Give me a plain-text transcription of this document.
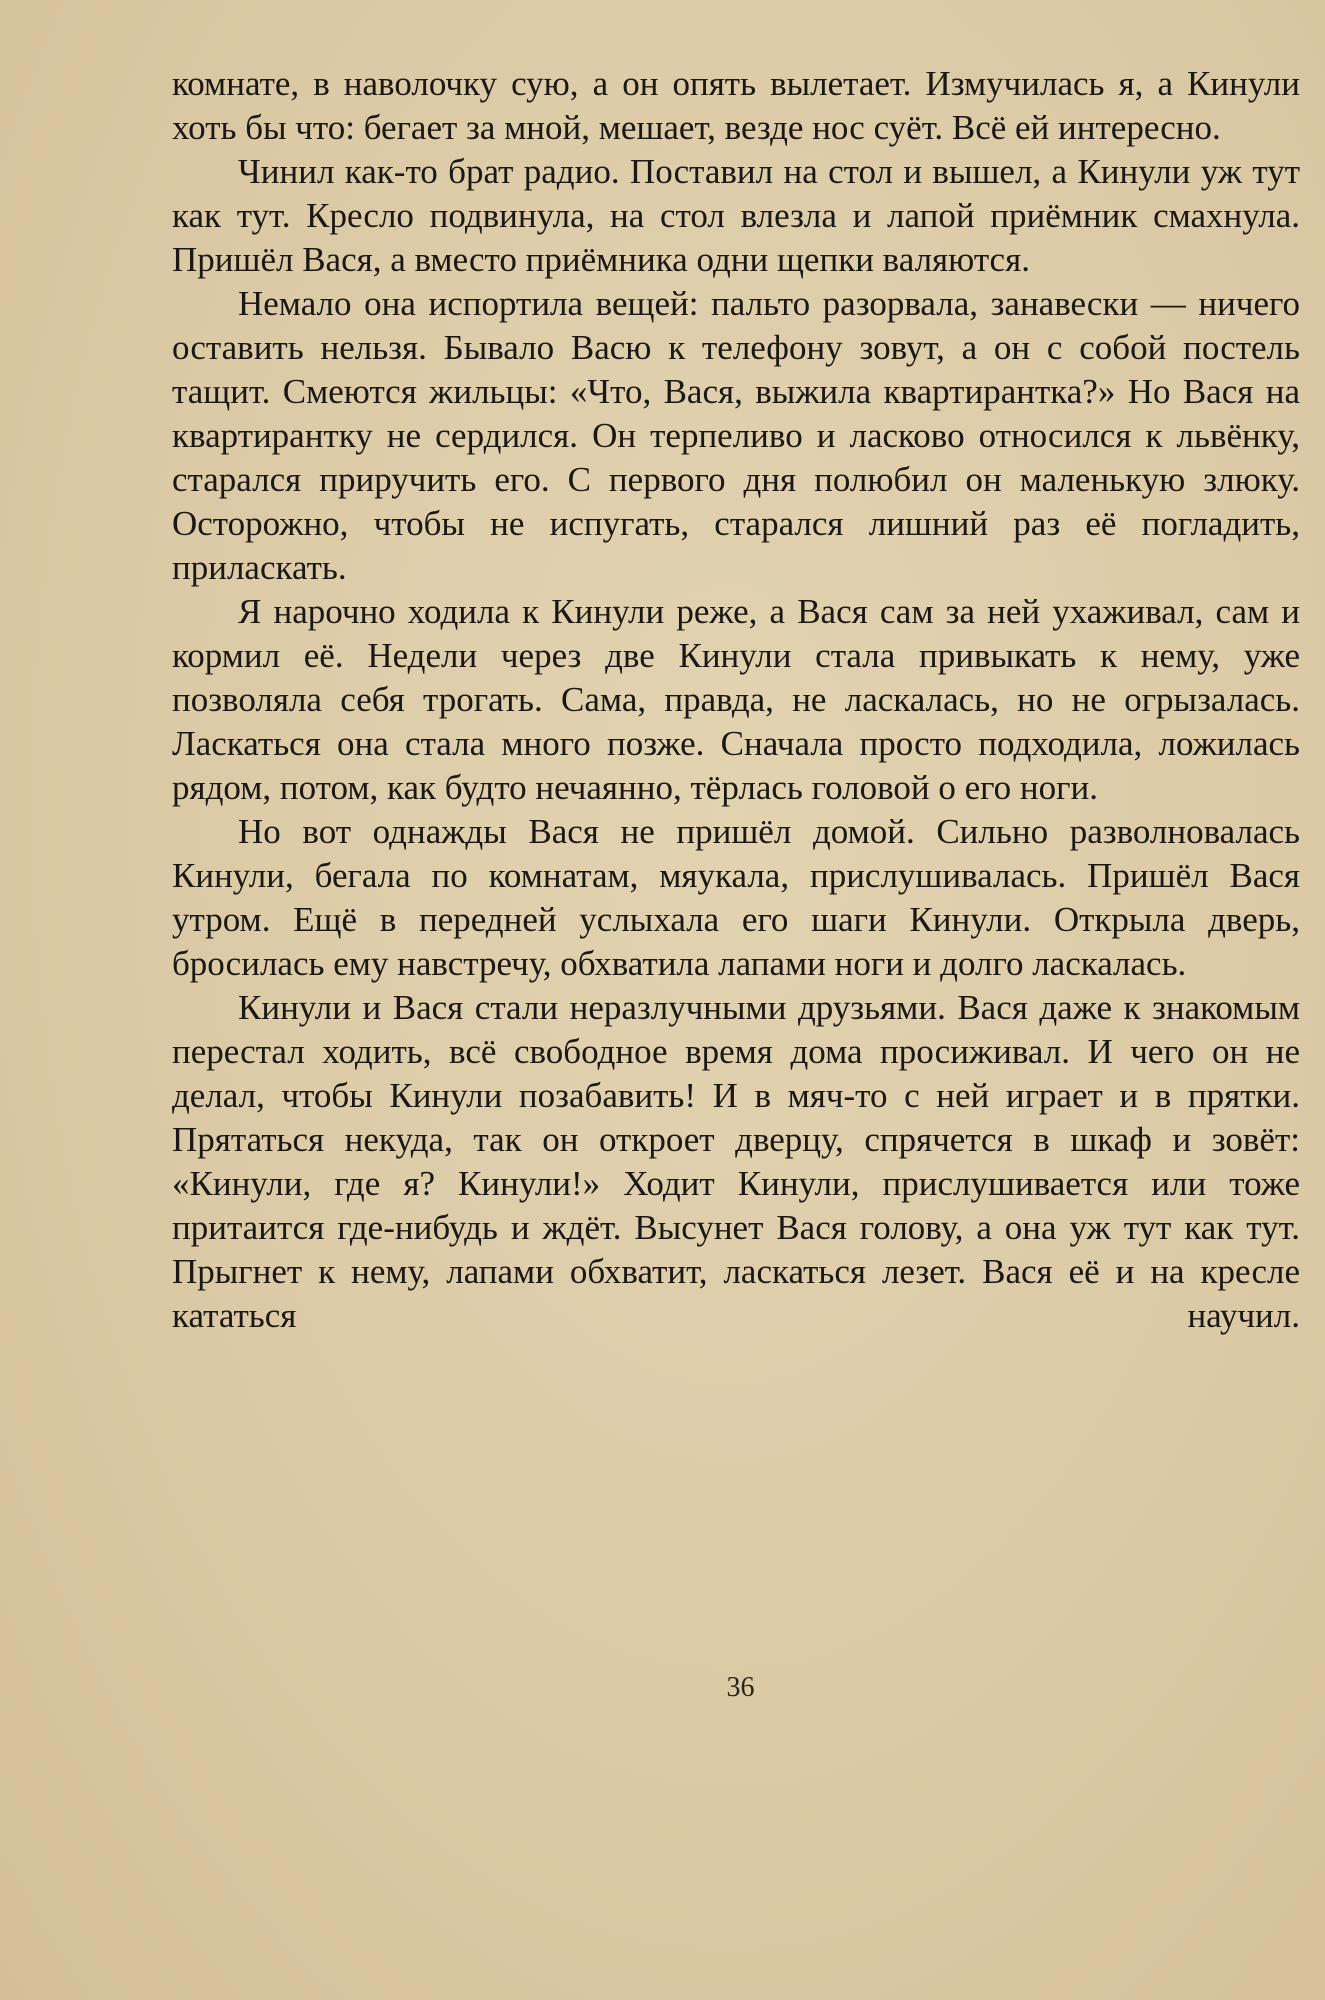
комнате, в наволочку сую, а он опять вылетает. Измучилась я, а Кинули хоть бы что: бегает за мной, мешает, везде нос суёт. Всё ей интересно.

Чинил как-то брат радио. Поставил на стол и вышел, а Кинули уж тут как тут. Кресло подвинула, на стол влезла и лапой приёмник смахнула. Пришёл Вася, а вместо приёмника одни щепки валяются.

Немало она испортила вещей: пальто разорвала, занавески — ничего оставить нельзя. Бывало Васю к телефону зовут, а он с собой постель тащит. Смеются жильцы: «Что, Вася, выжила квартирантка?» Но Вася на квартирантку не сердился. Он терпеливо и ласково относился к львёнку, старался приручить его. С первого дня полюбил он маленькую злюку. Осторожно, чтобы не испугать, старался лишний раз её погладить, приласкать.

Я нарочно ходила к Кинули реже, а Вася сам за ней ухаживал, сам и кормил её. Недели через две Кинули стала привыкать к нему, уже позволяла себя трогать. Сама, правда, не ласкалась, но не огрызалась. Ласкаться она стала много позже. Сначала просто подходила, ложилась рядом, потом, как будто нечаянно, тёрлась головой о его ноги.

Но вот однажды Вася не пришёл домой. Сильно разволновалась Кинули, бегала по комнатам, мяукала, прислушивалась. Пришёл Вася утром. Ещё в передней услыхала его шаги Кинули. Открыла дверь, бросилась ему навстречу, обхватила лапами ноги и долго ласкалась.

Кинули и Вася стали неразлучными друзьями. Вася даже к знакомым перестал ходить, всё свободное время дома просиживал. И чего он не делал, чтобы Кинули позабавить! И в мяч-то с ней играет и в прятки. Прятаться некуда, так он откроет дверцу, спрячется в шкаф и зовёт: «Кинули, где я? Кинули!» Ходит Кинули, прислушивается или тоже притаится где-нибудь и ждёт. Высунет Вася голову, а она уж тут как тут. Прыгнет к нему, лапами обхватит, ласкаться лезет. Вася её и на кресле кататься научил.

36
